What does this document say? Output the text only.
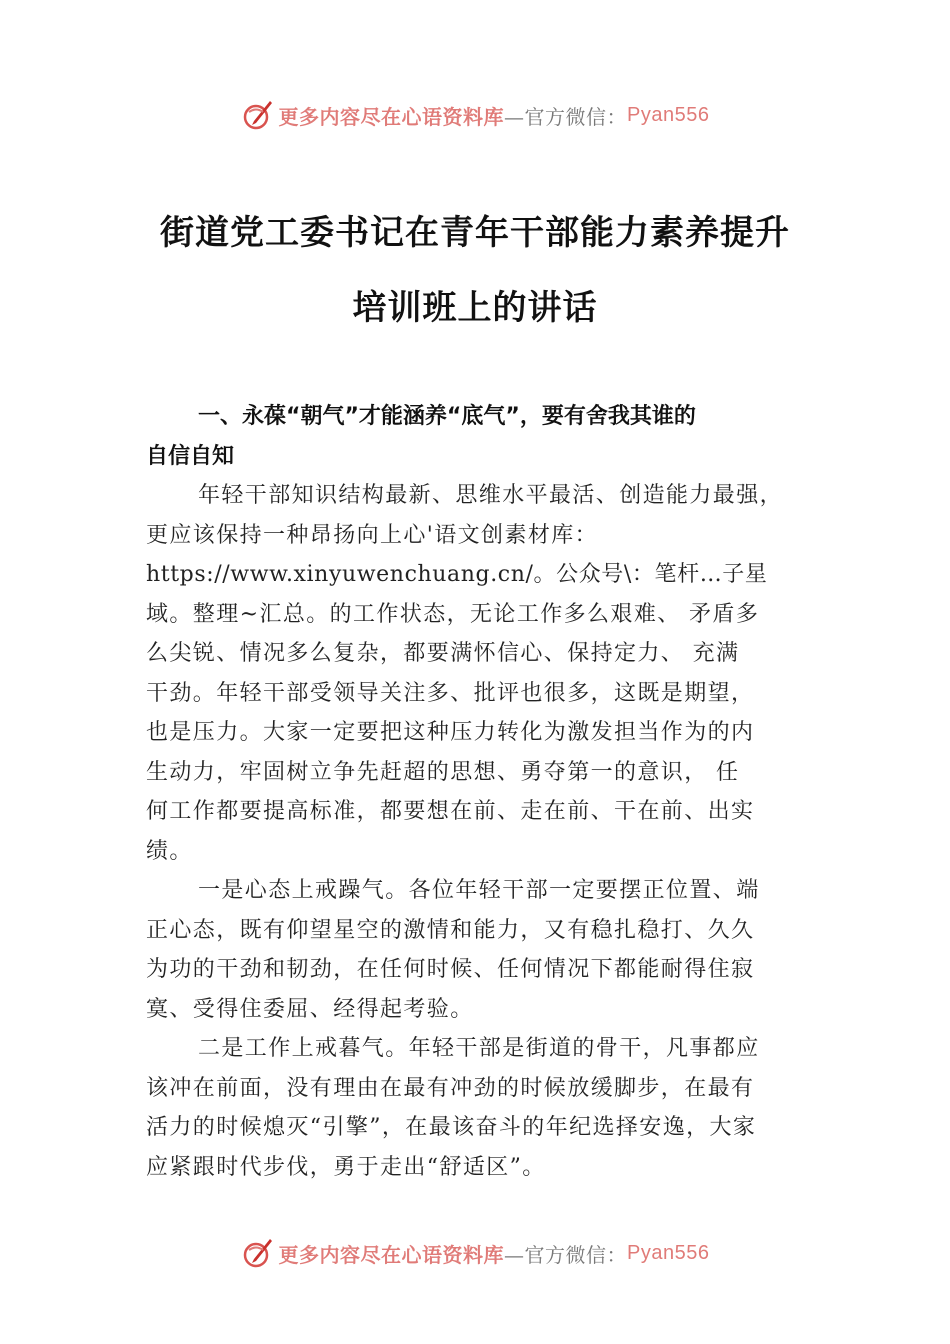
更多内容尽在心语资料库 —官方微信： Pyan556
街道党工委书记在青年干部能力素养提升
培训班上的讲话
一、永葆“朝气”才能涵养“底气”，要有舍我其谁的
自信自知
年轻干部知识结构最新、思维水平最活、创造能力最强，
更应该保持一种昂扬向上心'语文创素材库：
https://www.xinyuwenchuang.cn/。公众号\：笔杆…子星
域。整理~汇总。的工作状态，无论工作多么艰难、 矛盾多
么尖锐、情况多么复杂，都要满怀信心、保持定力、 充满
干劲。年轻干部受领导关注多、批评也很多，这既是期望，
也是压力。大家一定要把这种压力转化为激发担当作为的内
生动力，牢固树立争先赶超的思想、勇夺第一的意识， 任
何工作都要提高标准，都要想在前、走在前、干在前、出实
绩。
一是心态上戒躁气。各位年轻干部一定要摆正位置、端
正心态，既有仰望星空的激情和能力，又有稳扎稳打、久久
为功的干劲和韧劲，在任何时候、任何情况下都能耐得住寂
寞、受得住委屈、经得起考验。
二是工作上戒暮气。年轻干部是街道的骨干，凡事都应
该冲在前面，没有理由在最有冲劲的时候放缓脚步，在最有
活力的时候熄灭“引擎”，在最该奋斗的年纪选择安逸，大家
应紧跟时代步伐，勇于走出“舒适区”。
更多内容尽在心语资料库 —官方微信： Pyan556
